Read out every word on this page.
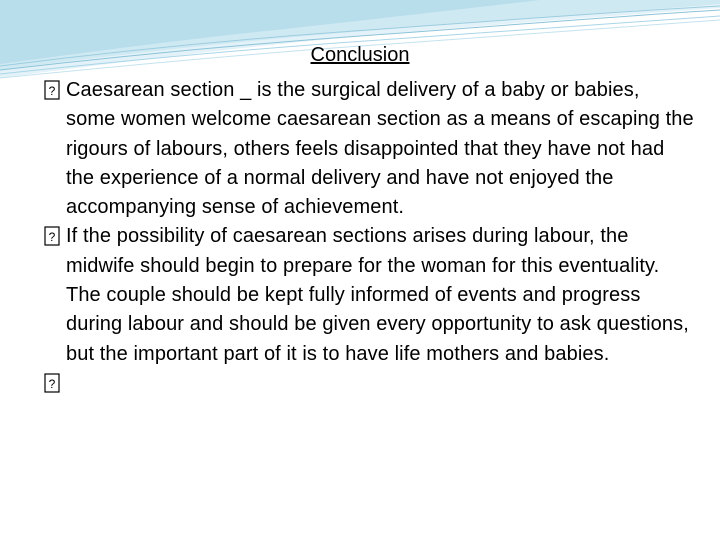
Conclusion
? Caesarean section _ is the surgical delivery of a baby or babies, some women welcome caesarean section as a means of escaping the rigours of labours, others feels disappointed that they have not had the experience of a normal delivery and have not enjoyed the accompanying sense of achievement.
? If the possibility of caesarean sections arises during labour, the midwife should begin to prepare for the woman for this eventuality. The couple should be kept fully informed of events and progress during labour and should be given every opportunity to ask questions, but the important part of it is to have life mothers and babies.
?
